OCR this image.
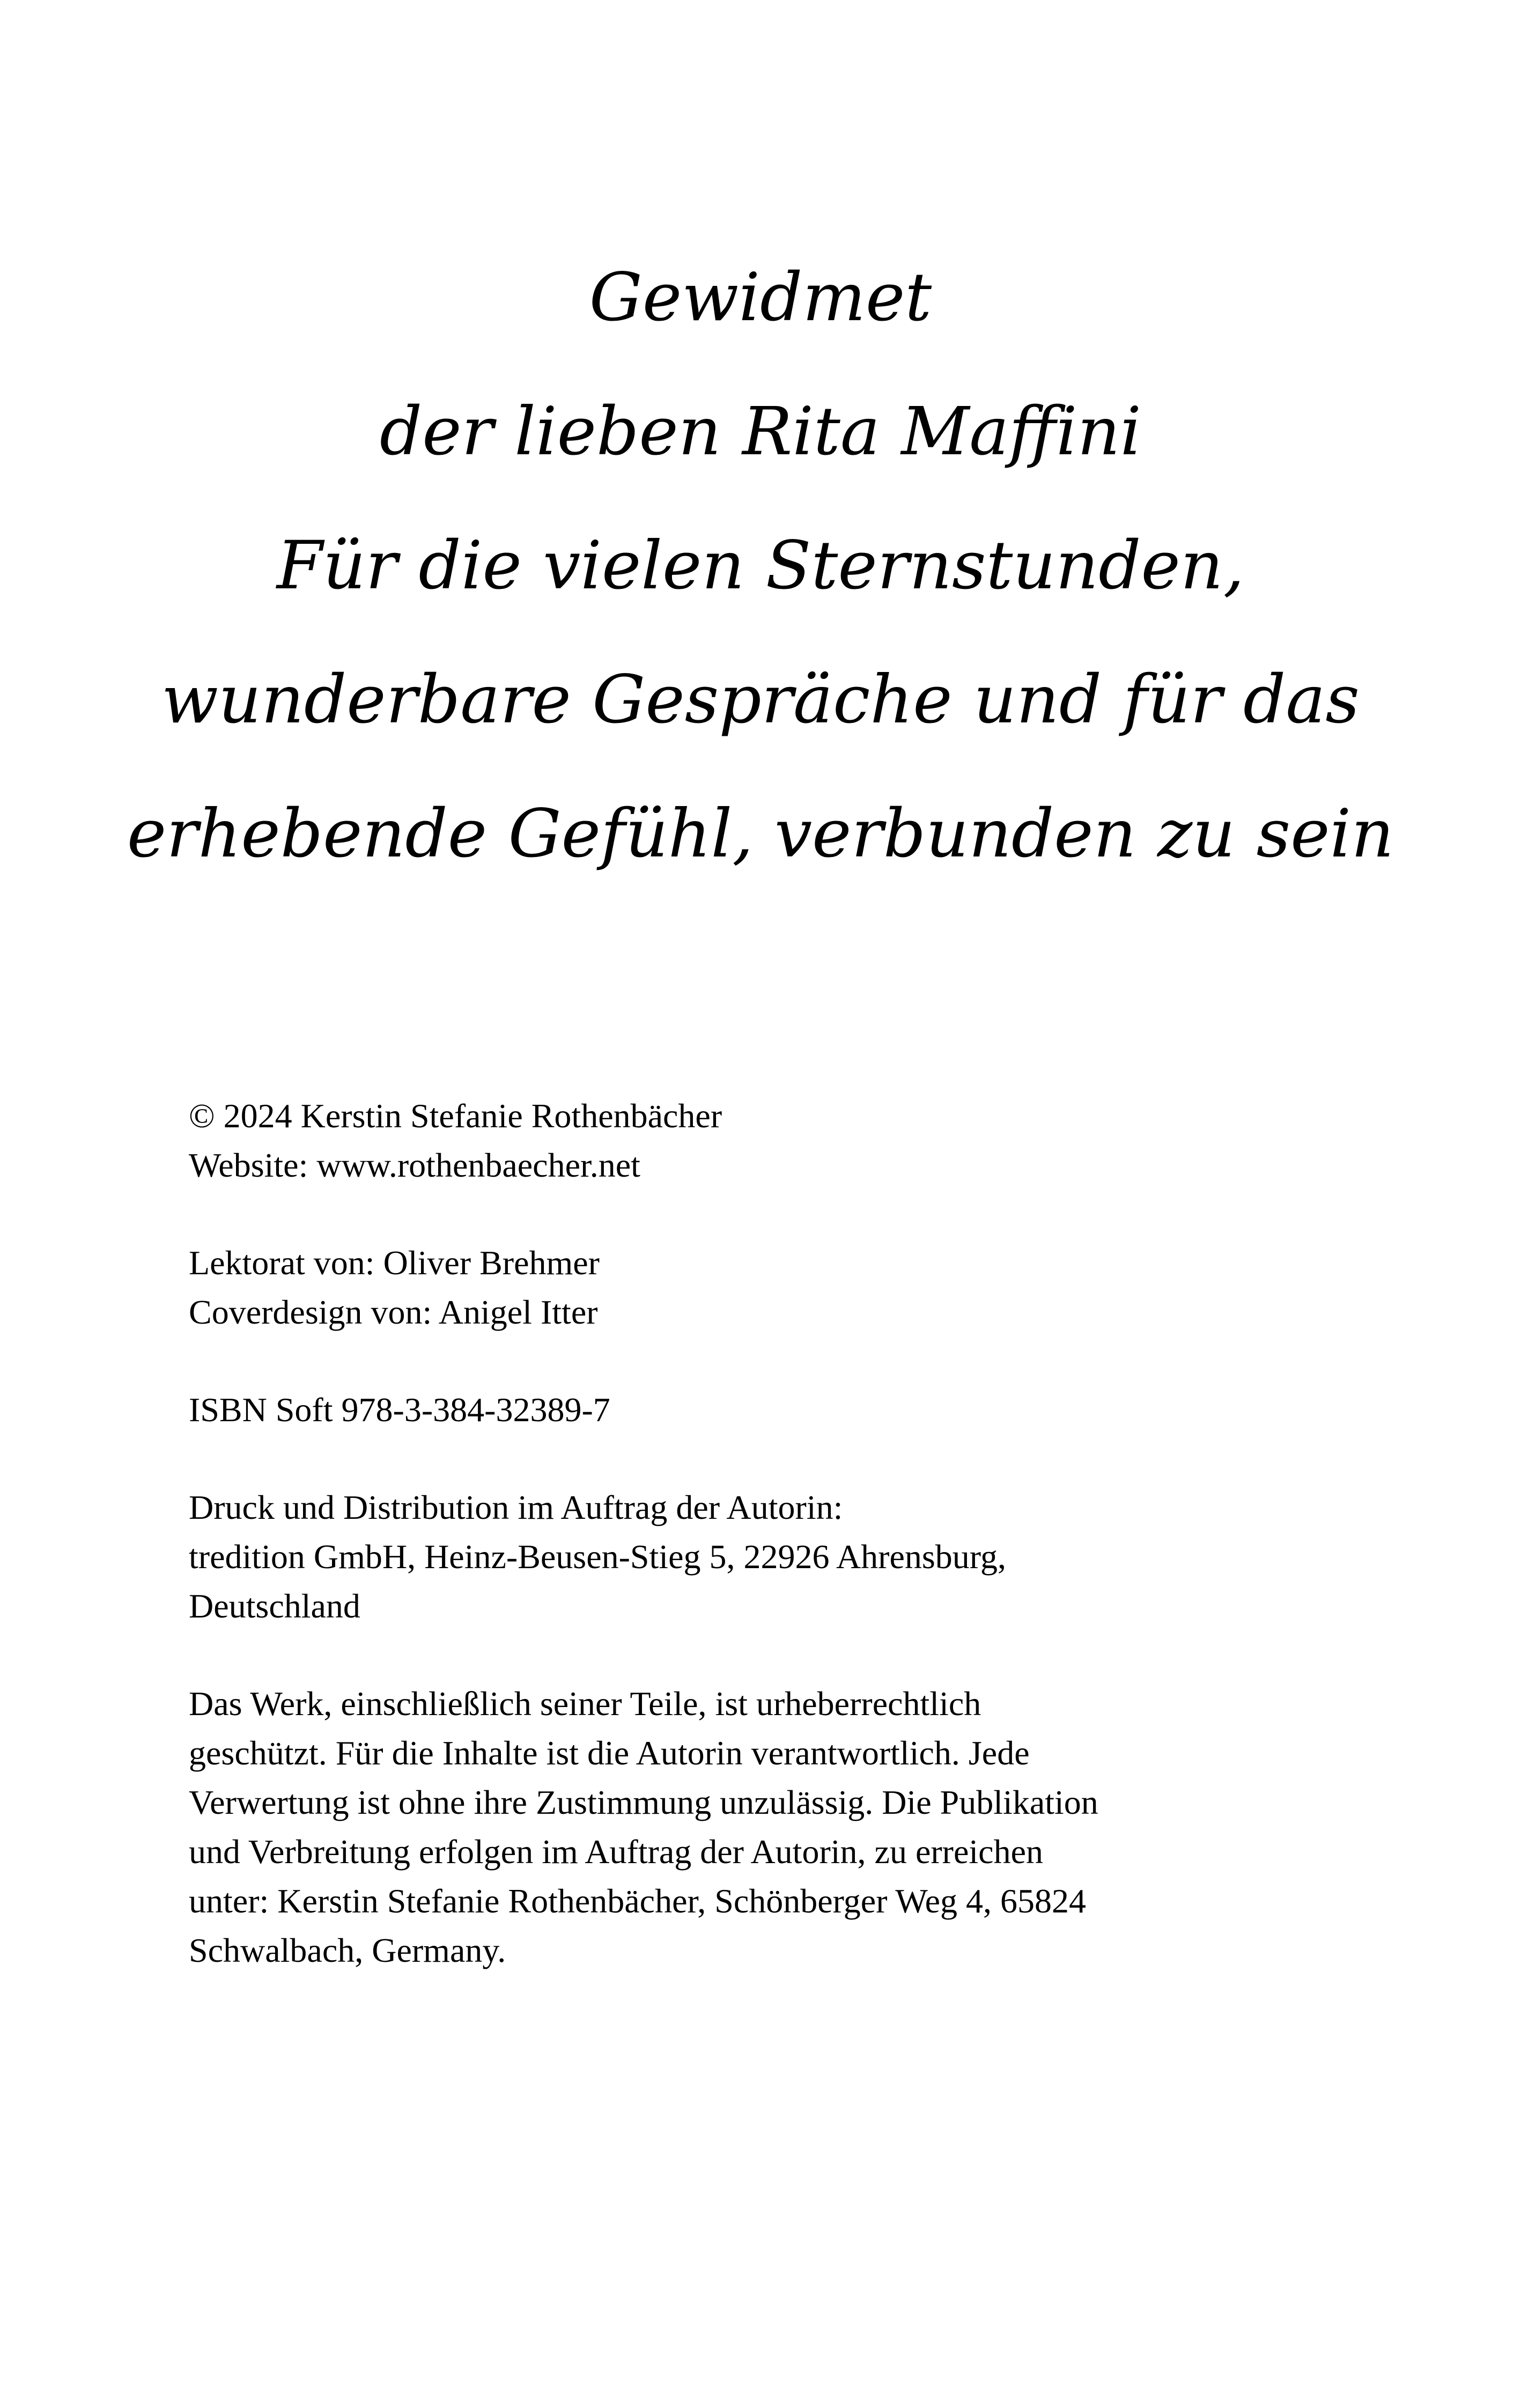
Gewidmet
der lieben Rita Maffini
Für die vielen Sternstunden,
wunderbare Gespräche und für das
erhebende Gefühl, verbunden zu sein
© 2024 Kerstin Stefanie Rothenbächer
Website: www.rothenbaecher.net
Lektorat von: Oliver Brehmer
Coverdesign von: Anigel Itter
ISBN Soft 978-3-384-32389-7
Druck und Distribution im Auftrag der Autorin:
tredition GmbH, Heinz-Beusen-Stieg 5, 22926 Ahrensburg,
Deutschland
Das Werk, einschließlich seiner Teile, ist urheberrechtlich
geschützt. Für die Inhalte ist die Autorin verantwortlich. Jede
Verwertung ist ohne ihre Zustimmung unzulässig. Die Publikation
und Verbreitung erfolgen im Auftrag der Autorin, zu erreichen
unter: Kerstin Stefanie Rothenbächer, Schönberger Weg 4, 65824
Schwalbach, Germany.
